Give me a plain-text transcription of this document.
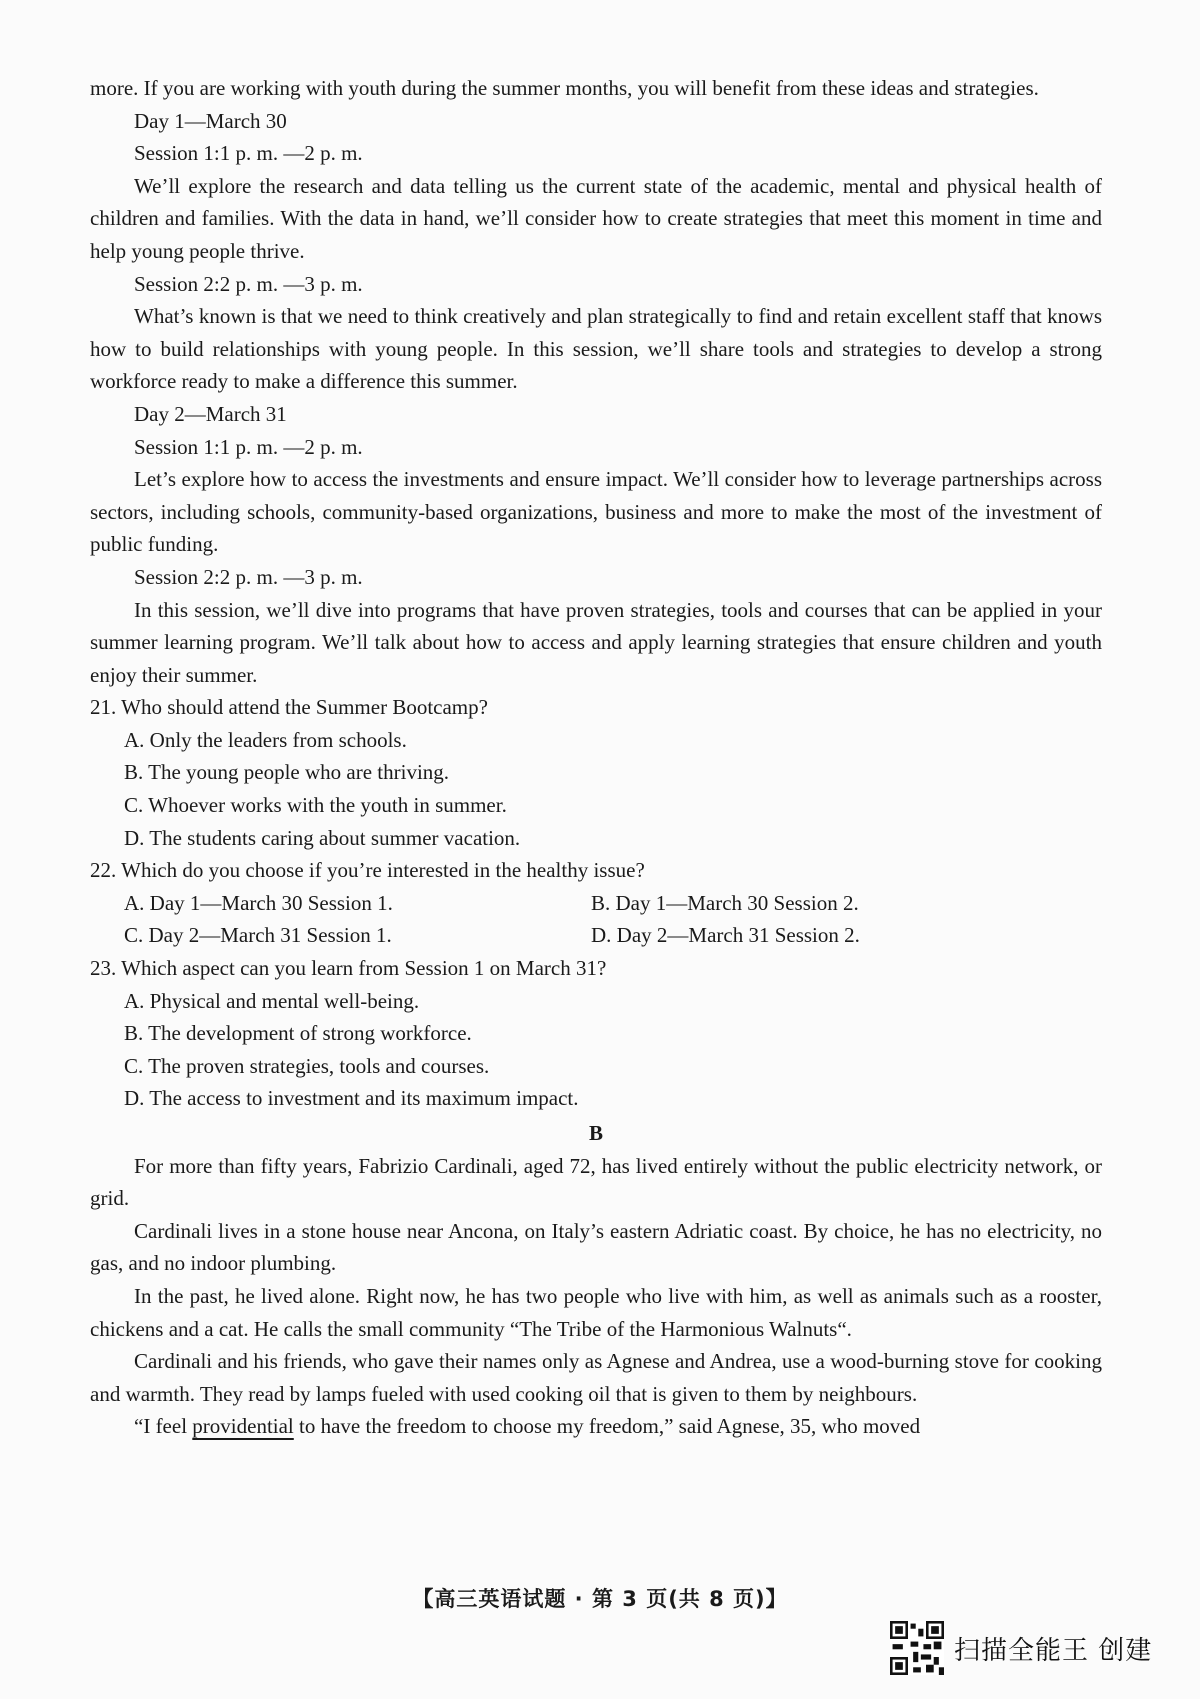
more. If you are working with youth during the summer months, you will benefit from these ideas and strategies.

Day 1—March 30

Session 1:1 p. m. —2 p. m.

We’ll explore the research and data telling us the current state of the academic, mental and physical health of children and families. With the data in hand, we’ll consider how to create strategies that meet this moment in time and help young people thrive.

Session 2:2 p. m. —3 p. m.

What’s known is that we need to think creatively and plan strategically to find and retain excellent staff that knows how to build relationships with young people. In this session, we’ll share tools and strategies to develop a strong workforce ready to make a difference this summer.

Day 2—March 31

Session 1:1 p. m. —2 p. m.

Let’s explore how to access the investments and ensure impact. We’ll consider how to leverage partnerships across sectors, including schools, community-based organizations, business and more to make the most of the investment of public funding.

Session 2:2 p. m. —3 p. m.

In this session, we’ll dive into programs that have proven strategies, tools and courses that can be applied in your summer learning program. We’ll talk about how to access and apply learning strategies that ensure children and youth enjoy their summer.

21. Who should attend the Summer Bootcamp?

A. Only the leaders from schools.

B. The young people who are thriving.

C. Whoever works with the youth in summer.

D. The students caring about summer vacation.

22. Which do you choose if you’re interested in the healthy issue?

A. Day 1—March 30 Session 1.	B. Day 1—March 30 Session 2.
C. Day 2—March 31 Session 1.	D. Day 2—March 31 Session 2.

23. Which aspect can you learn from Session 1 on March 31?

A. Physical and mental well-being.

B. The development of strong workforce.

C. The proven strategies, tools and courses.

D. The access to investment and its maximum impact.

B

For more than fifty years, Fabrizio Cardinali, aged 72, has lived entirely without the public electricity network, or grid.

Cardinali lives in a stone house near Ancona, on Italy’s eastern Adriatic coast. By choice, he has no electricity, no gas, and no indoor plumbing.

In the past, he lived alone. Right now, he has two people who live with him, as well as animals such as a rooster, chickens and a cat. He calls the small community “The Tribe of the Harmonious Walnuts“.

Cardinali and his friends, who gave their names only as Agnese and Andrea, use a wood-burning stove for cooking and warmth. They read by lamps fueled with used cooking oil that is given to them by neighbours.

“I feel providential to have the freedom to choose my freedom,” said Agnese, 35, who moved

【高三英语试题 · 第 3 页(共 8 页)】
扫描全能王 创建
